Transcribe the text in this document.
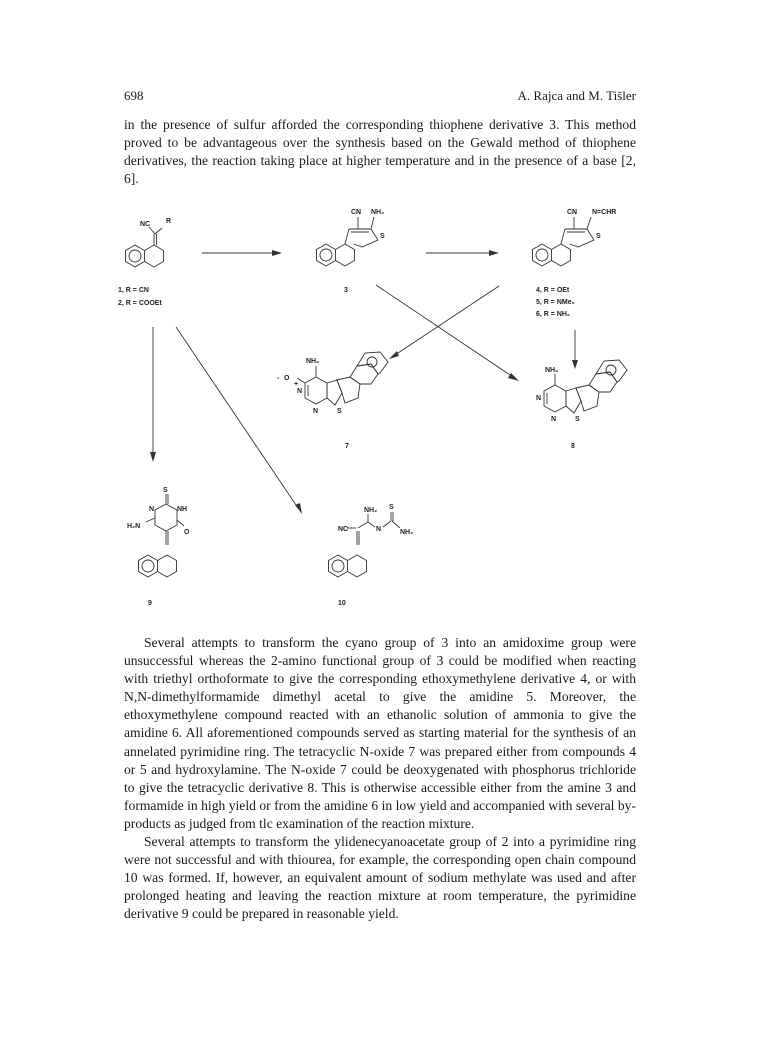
698	A. Rajca and M. Tišler

in the presence of sulfur afforded the corresponding thiophene derivative 3. This method proved to be advantageous over the synthesis based on the Gewald method of thiophene derivatives, the reaction taking place at higher temperature and in the presence of a base [2, 6].

NC R
1, R = CN
2, R = COOEt
CN NH₂
S
3
CN N=CHR
S
4, R = OEt
5, R = NMe₂
6, R = NH₂
NH₂
O
-
+
N
N	S
7
NH₂
N
N	S
8
S
N	NH
H₂N
O
9
NC
NH₂ S
N	NH₂
10

Several attempts to transform the cyano group of 3 into an amidoxime group were unsuccessful whereas the 2-amino functional group of 3 could be modified when reacting with triethyl orthoformate to give the corresponding ethoxymethylene derivative 4, or with N,N-dimethylformamide dimethyl acetal to give the amidine 5. Moreover, the ethoxymethylene compound reacted with an ethanolic solution of ammonia to give the amidine 6. All aforementioned compounds served as starting material for the synthesis of an annelated pyrimidine ring. The tetracyclic N-oxide 7 was prepared either from compounds 4 or 5 and hydroxylamine. The N-oxide 7 could be deoxygenated with phosphorus trichloride to give the tetracyclic derivative 8. This is otherwise accessible either from the amine 3 and formamide in high yield or from the amidine 6 in low yield and accompanied with several by-products as judged from tlc examination of the reaction mixture.

Several attempts to transform the ylidenecyanoacetate group of 2 into a pyrimidine ring were not successful and with thiourea, for example, the corresponding open chain compound 10 was formed. If, however, an equivalent amount of sodium methylate was used and after prolonged heating and leaving the reaction mixture at room temperature, the pyrimidine derivative 9 could be prepared in reasonable yield.
